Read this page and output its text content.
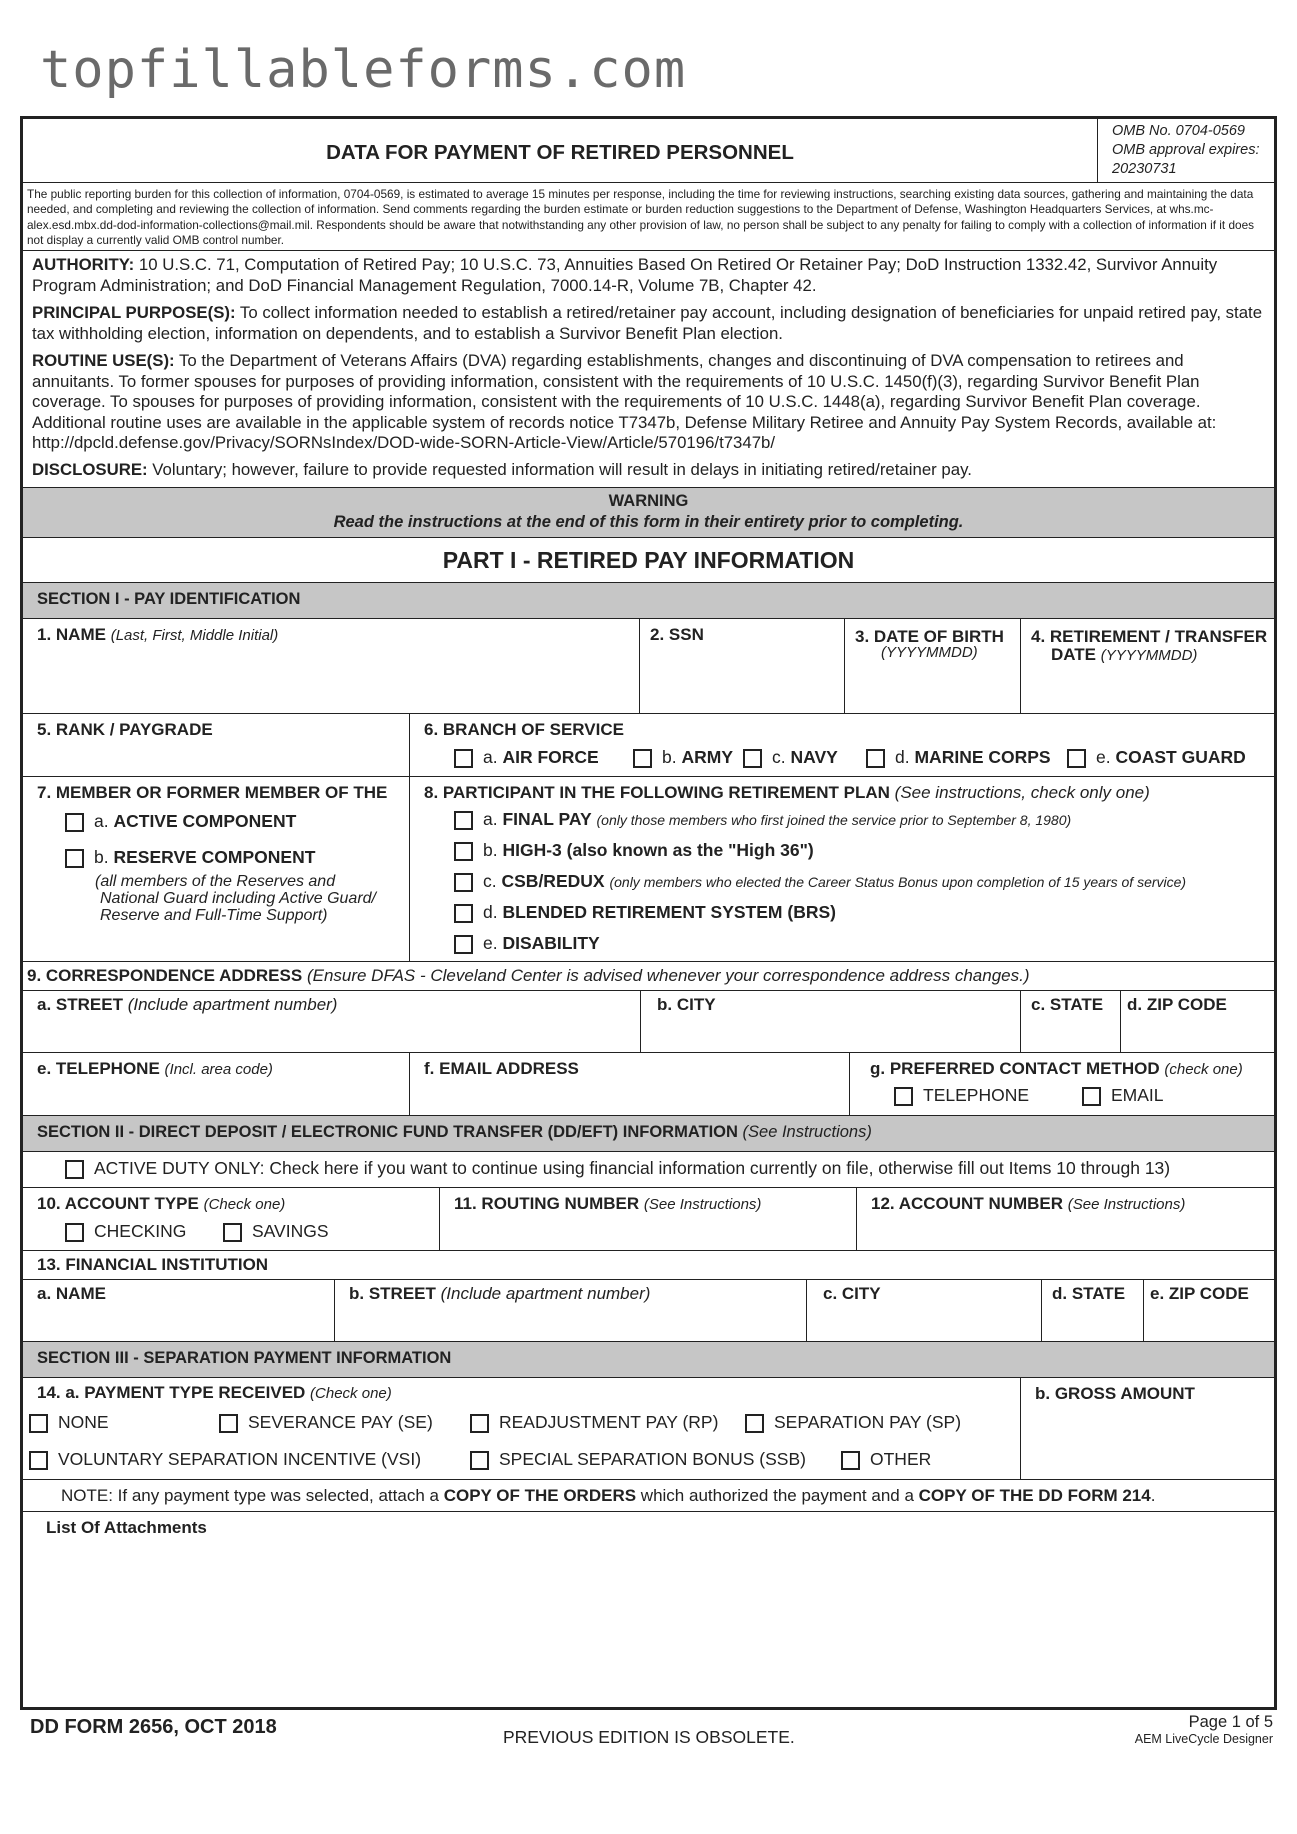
topfillableforms.com
DATA FOR PAYMENT OF RETIRED PERSONNEL
OMB No. 0704-0569
OMB approval expires:
20230731
The public reporting burden for this collection of information, 0704-0569, is estimated to average 15 minutes per response, including the time for reviewing instructions, searching existing data sources, gathering and maintaining the data needed, and completing and reviewing the collection of information. Send comments regarding the burden estimate or burden reduction suggestions to the Department of Defense, Washington Headquarters Services, at whs.mc-alex.esd.mbx.dd-dod-information-collections@mail.mil. Respondents should be aware that notwithstanding any other provision of law, no person shall be subject to any penalty for failing to comply with a collection of information if it does not display a currently valid OMB control number.
AUTHORITY: 10 U.S.C. 71, Computation of Retired Pay; 10 U.S.C. 73, Annuities Based On Retired Or Retainer Pay; DoD Instruction 1332.42, Survivor Annuity Program Administration; and DoD Financial Management Regulation, 7000.14-R, Volume 7B, Chapter 42.
PRINCIPAL PURPOSE(S): To collect information needed to establish a retired/retainer pay account, including designation of beneficiaries for unpaid retired pay, state tax withholding election, information on dependents, and to establish a Survivor Benefit Plan election.
ROUTINE USE(S): To the Department of Veterans Affairs (DVA) regarding establishments, changes and discontinuing of DVA compensation to retirees and annuitants. To former spouses for purposes of providing information, consistent with the requirements of 10 U.S.C. 1450(f)(3), regarding Survivor Benefit Plan coverage. To spouses for purposes of providing information, consistent with the requirements of 10 U.S.C. 1448(a), regarding Survivor Benefit Plan coverage. Additional routine uses are available in the applicable system of records notice T7347b, Defense Military Retiree and Annuity Pay System Records, available at: http://dpcld.defense.gov/Privacy/SORNsIndex/DOD-wide-SORN-Article-View/Article/570196/t7347b/
DISCLOSURE: Voluntary; however, failure to provide requested information will result in delays in initiating retired/retainer pay.
WARNING
Read the instructions at the end of this form in their entirety prior to completing.
PART I - RETIRED PAY INFORMATION
SECTION I - PAY IDENTIFICATION
1. NAME (Last, First, Middle Initial)	2. SSN	3. DATE OF BIRTH
(YYYYMMDD)
4. RETIREMENT / TRANSFER
DATE (YYYYMMDD)
5. RANK / PAYGRADE	6. BRANCH OF SERVICE
a. AIR FORCE	b. ARMY c. NAVY	d. MARINE CORPS	e. COAST GUARD
7. MEMBER OR FORMER MEMBER OF THE
a. ACTIVE COMPONENT
b. RESERVE COMPONENT
(all members of the Reserves and
National Guard including Active Guard/
Reserve and Full-Time Support)
8. PARTICIPANT IN THE FOLLOWING RETIREMENT PLAN (See instructions, check only one)
a. FINAL PAY (only those members who first joined the service prior to September 8, 1980)
b. HIGH-3 (also known as the "High 36")
c. CSB/REDUX (only members who elected the Career Status Bonus upon completion of 15 years of service)
d. BLENDED RETIREMENT SYSTEM (BRS)
e. DISABILITY
9. CORRESPONDENCE ADDRESS (Ensure DFAS - Cleveland Center is advised whenever your correspondence address changes.)
a. STREET (Include apartment number)	b. CITY	c. STATE d. ZIP CODE
e. TELEPHONE (Incl. area code)	f. EMAIL ADDRESS	g. PREFERRED CONTACT METHOD (check one)
TELEPHONE	EMAIL
SECTION II - DIRECT DEPOSIT / ELECTRONIC FUND TRANSFER (DD/EFT) INFORMATION (See Instructions)
ACTIVE DUTY ONLY: Check here if you want to continue using financial information currently on file, otherwise fill out Items 10 through 13)
10. ACCOUNT TYPE (Check one)
CHECKING	SAVINGS
11. ROUTING NUMBER (See Instructions)	12. ACCOUNT NUMBER (See Instructions)
13. FINANCIAL INSTITUTION
a. NAME	b. STREET (Include apartment number)	c. CITY	d. STATE e. ZIP CODE
SECTION III - SEPARATION PAYMENT INFORMATION
14. a. PAYMENT TYPE RECEIVED (Check one)
NONE	SEVERANCE PAY (SE)	READJUSTMENT PAY (RP)	SEPARATION PAY (SP)
VOLUNTARY SEPARATION INCENTIVE (VSI)	SPECIAL SEPARATION BONUS (SSB)	OTHER
b. GROSS AMOUNT
NOTE: If any payment type was selected, attach a COPY OF THE ORDERS which authorized the payment and a COPY OF THE DD FORM 214.
List Of Attachments
DD FORM 2656, OCT 2018	PREVIOUS EDITION IS OBSOLETE.
Page 1 of 5
AEM LiveCycle Designer
